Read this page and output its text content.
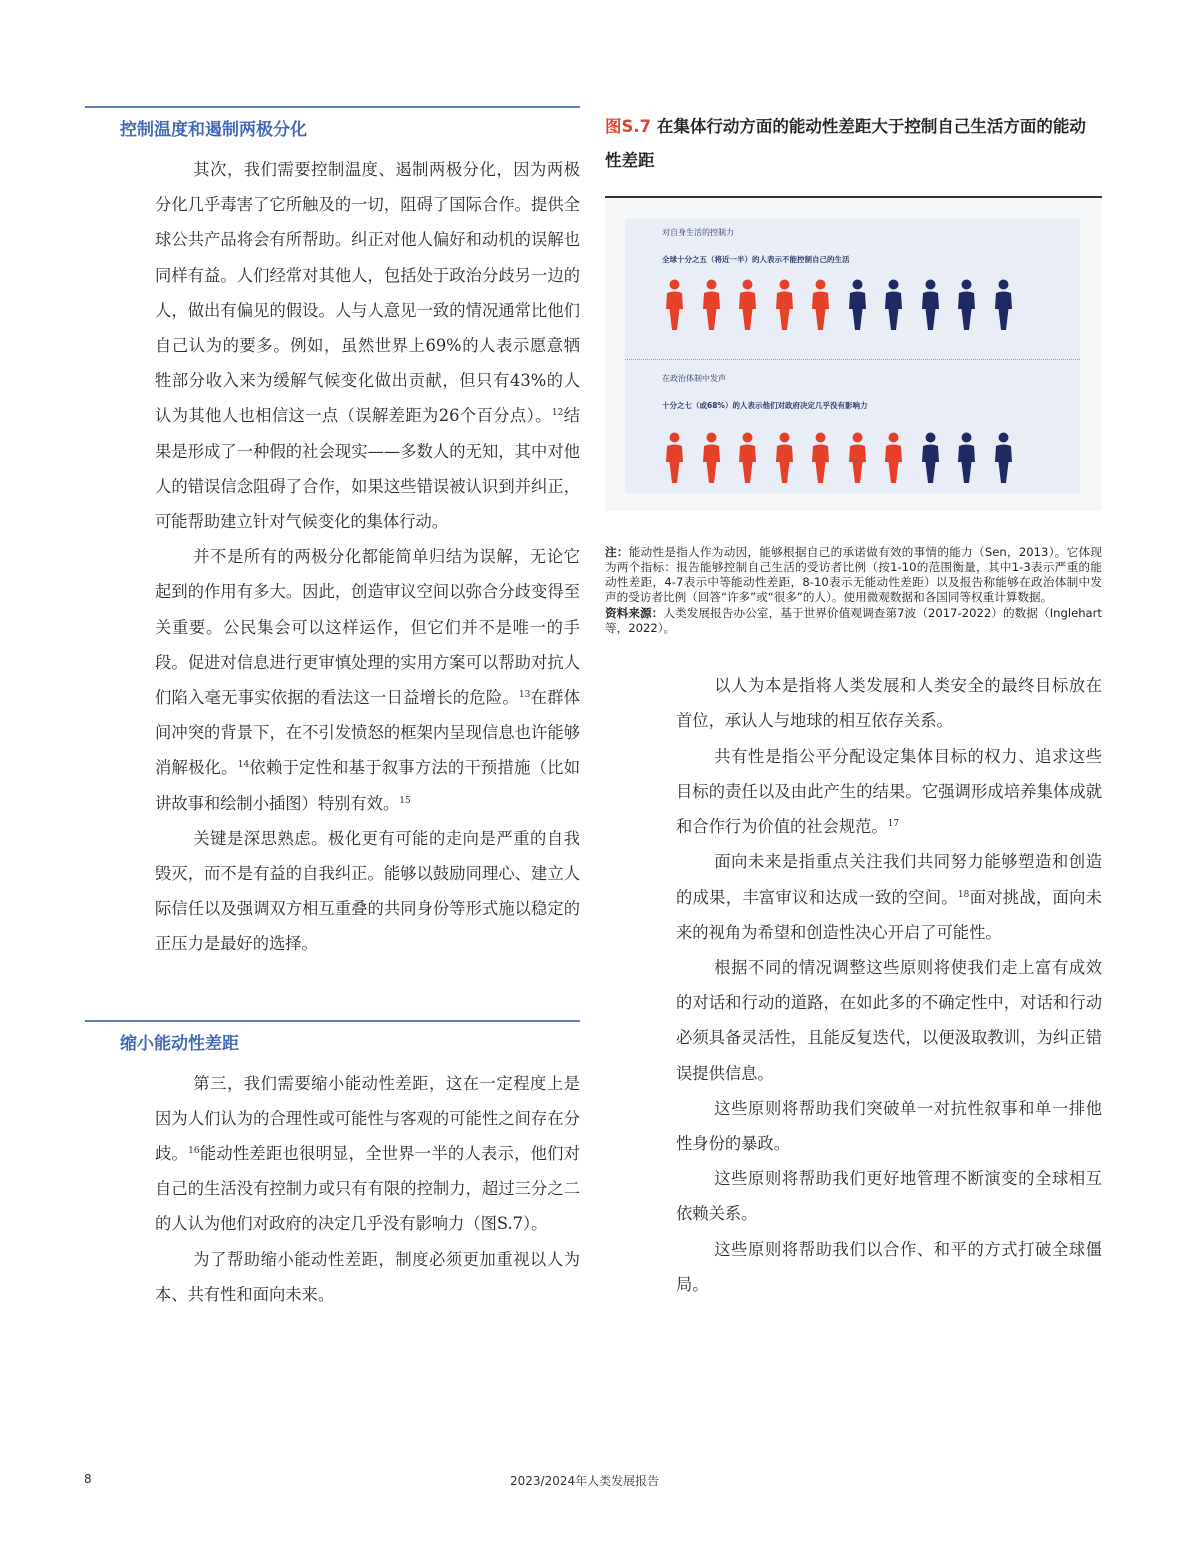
控制温度和遏制两极分化

其次，我们需要控制温度、遏制两极分化，因为两极分化几乎毒害了它所触及的一切，阻碍了国际合作。提供全球公共产品将会有所帮助。纠正对他人偏好和动机的误解也同样有益。人们经常对其他人，包括处于政治分歧另一边的人，做出有偏见的假设。人与人意见一致的情况通常比他们自己认为的要多。例如，虽然世界上69%的人表示愿意牺牲部分收入来为缓解气候变化做出贡献，但只有43%的人认为其他人也相信这一点（误解差距为26个百分点）。$^{12}$结果是形成了一种假的社会现实——多数人的无知，其中对他人的错误信念阻碍了合作，如果这些错误被认识到并纠正，可能帮助建立针对气候变化的集体行动。

并不是所有的两极分化都能简单归结为误解，无论它起到的作用有多大。因此，创造审议空间以弥合分歧变得至关重要。公民集会可以这样运作，但它们并不是唯一的手段。促进对信息进行更审慎处理的实用方案可以帮助对抗人们陷入毫无事实依据的看法这一日益增长的危险。$^{13}$在群体间冲突的背景下，在不引发愤怒的框架内呈现信息也许能够消解极化。$^{14}$依赖于定性和基于叙事方法的干预措施（比如讲故事和绘制小插图）特别有效。$^{15}$

关键是深思熟虑。极化更有可能的走向是严重的自我毁灭，而不是有益的自我纠正。能够以鼓励同理心、建立人际信任以及强调双方相互重叠的共同身份等形式施以稳定的正压力是最好的选择。

缩小能动性差距

第三，我们需要缩小能动性差距，这在一定程度上是因为人们认为的合理性或可能性与客观的可能性之间存在分歧。$^{16}$能动性差距也很明显，全世界一半的人表示，他们对自己的生活没有控制力或只有有限的控制力，超过三分之二的人认为他们对政府的决定几乎没有影响力（图S.7）。

为了帮助缩小能动性差距，制度必须更加重视以人为本、共有性和面向未来。

图S.7 在集体行动方面的能动性差距大于控制自己生活方面的能动性差距
对自身生活的控制力
全球十分之五（将近一半）的人表示不能控制自己的生活
在政治体制中发声
十分之七（或68%）的人表示他们对政府决定几乎没有影响力
注：能动性是指人作为动因，能够根据自己的承诺做有效的事情的能力（Sen，2013）。它体现为两个指标：报告能够控制自己生活的受访者比例（按1-10的范围衡量，其中1-3表示严重的能动性差距，4-7表示中等能动性差距，8-10表示无能动性差距）以及报告称能够在政治体制中发声的受访者比例（回答“许多”或“很多”的人）。使用微观数据和各国同等权重计算数据。
资料来源：人类发展报告办公室，基于世界价值观调查第7波（2017-2022）的数据（Inglehart等，2022）。

以人为本是指将人类发展和人类安全的最终目标放在首位，承认人与地球的相互依存关系。

共有性是指公平分配设定集体目标的权力、追求这些目标的责任以及由此产生的结果。它强调形成培养集体成就和合作行为价值的社会规范。$^{17}$

面向未来是指重点关注我们共同努力能够塑造和创造的成果，丰富审议和达成一致的空间。$^{18}$面对挑战，面向未来的视角为希望和创造性决心开启了可能性。

根据不同的情况调整这些原则将使我们走上富有成效的对话和行动的道路，在如此多的不确定性中，对话和行动必须具备灵活性，且能反复迭代，以便汲取教训，为纠正错误提供信息。

这些原则将帮助我们突破单一对抗性叙事和单一排他性身份的暴政。

这些原则将帮助我们更好地管理不断演变的全球相互依赖关系。

这些原则将帮助我们以合作、和平的方式打破全球僵局。

8	2023/2024年人类发展报告
